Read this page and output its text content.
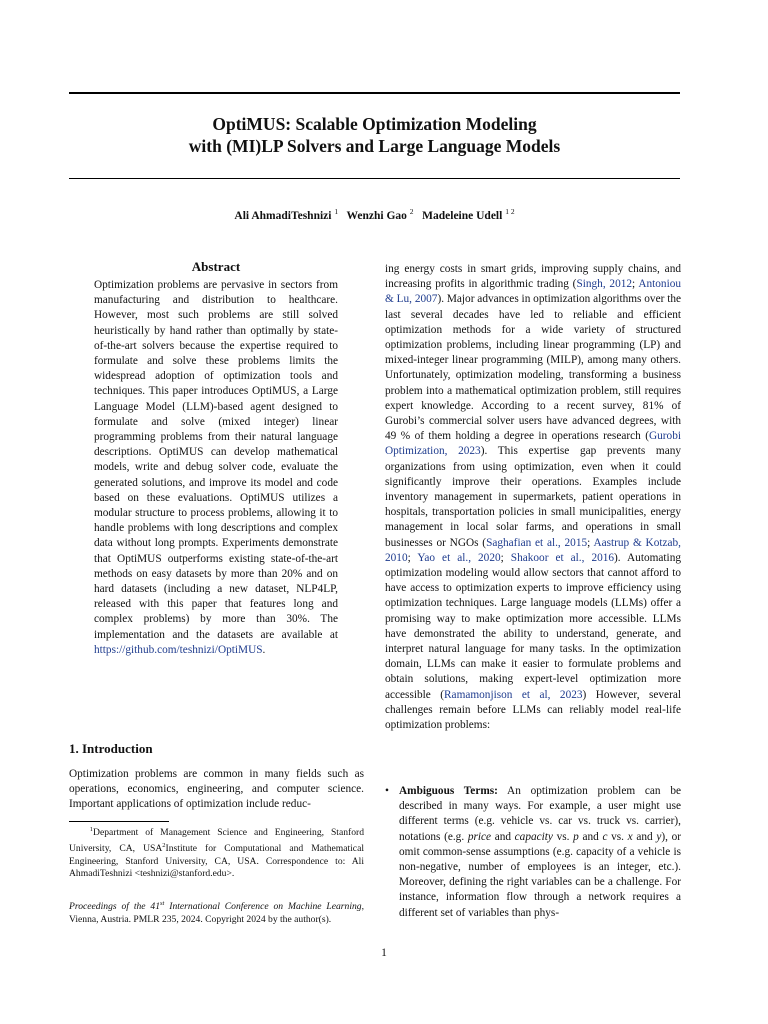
OptiMUS: Scalable Optimization Modeling
with (MI)LP Solvers and Large Language Models
Ali AhmadiTeshnizi $^1$ Wenzhi Gao $^2$ Madeleine Udell $^{1 2}$
Abstract

Optimization problems are pervasive in sectors from manufacturing and distribution to healthcare. However, most such problems are still solved heuristically by hand rather than optimally by state-of-the-art solvers because the expertise required to formulate and solve these problems limits the widespread adoption of optimization tools and techniques. This paper introduces OptiMUS, a Large Language Model (LLM)-based agent designed to formulate and solve (mixed integer) linear programming problems from their natural language descriptions. OptiMUS can develop mathematical models, write and debug solver code, evaluate the generated solutions, and improve its model and code based on these evaluations. OptiMUS utilizes a modular structure to process problems, allowing it to handle problems with long descriptions and complex data without long prompts. Experiments demonstrate that OptiMUS outperforms existing state-of-the-art methods on easy datasets by more than 20% and on hard datasets (including a new dataset, NLP4LP, released with this paper that features long and complex problems) by more than 30%. The implementation and the datasets are available at https://github.com/teshnizi/OptiMUS.

1. Introduction

Optimization problems are common in many fields such as operations, economics, engineering, and computer science. Important applications of optimization include reduc-

$^1$Department of Management Science and Engineering, Stanford University, CA, USA$^2$Institute for Computational and Mathematical Engineering, Stanford University, CA, USA. Correspondence to: Ali AhmadiTeshnizi <teshnizi@stanford.edu>.

Proceedings of the 41st International Conference on Machine Learning, Vienna, Austria. PMLR 235, 2024. Copyright 2024 by the author(s).

ing energy costs in smart grids, improving supply chains, and increasing profits in algorithmic trading (Singh, 2012; Antoniou & Lu, 2007). Major advances in optimization algorithms over the last several decades have led to reliable and efficient optimization methods for a wide variety of structured optimization problems, including linear programming (LP) and mixed-integer linear programming (MILP), among many others. Unfortunately, optimization modeling, transforming a business problem into a mathematical optimization problem, still requires expert knowledge. According to a recent survey, 81% of Gurobi’s commercial solver users have advanced degrees, with 49 % of them holding a degree in operations research (Gurobi Optimization, 2023). This expertise gap prevents many organizations from using optimization, even when it could significantly improve their operations. Examples include inventory management in supermarkets, patient operations in hospitals, transportation policies in small municipalities, energy management in local solar farms, and operations in small businesses or NGOs (Saghafian et al., 2015; Aastrup & Kotzab, 2010; Yao et al., 2020; Shakoor et al., 2016). Automating optimization modeling would allow sectors that cannot afford to have access to optimization experts to improve efficiency using optimization techniques. Large language models (LLMs) offer a promising way to make optimization more accessible. LLMs have demonstrated the ability to understand, generate, and interpret natural language for many tasks. In the optimization domain, LLMs can make it easier to formulate problems and obtain solutions, making expert-level optimization more accessible (Ramamonjison et al, 2023) However, several challenges remain before LLMs can reliably model real-life optimization problems:

• Ambiguous Terms: An optimization problem can be described in many ways. For example, a user might use different terms (e.g. vehicle vs. car vs. truck vs. carrier), notations (e.g. price and capacity vs. p and c vs. x and y), or omit common-sense assumptions (e.g. capacity of a vehicle is non-negative, number of employees is an integer, etc.). Moreover, defining the right variables can be a challenge. For instance, information flow through a network requires a different set of variables than phys-

1
